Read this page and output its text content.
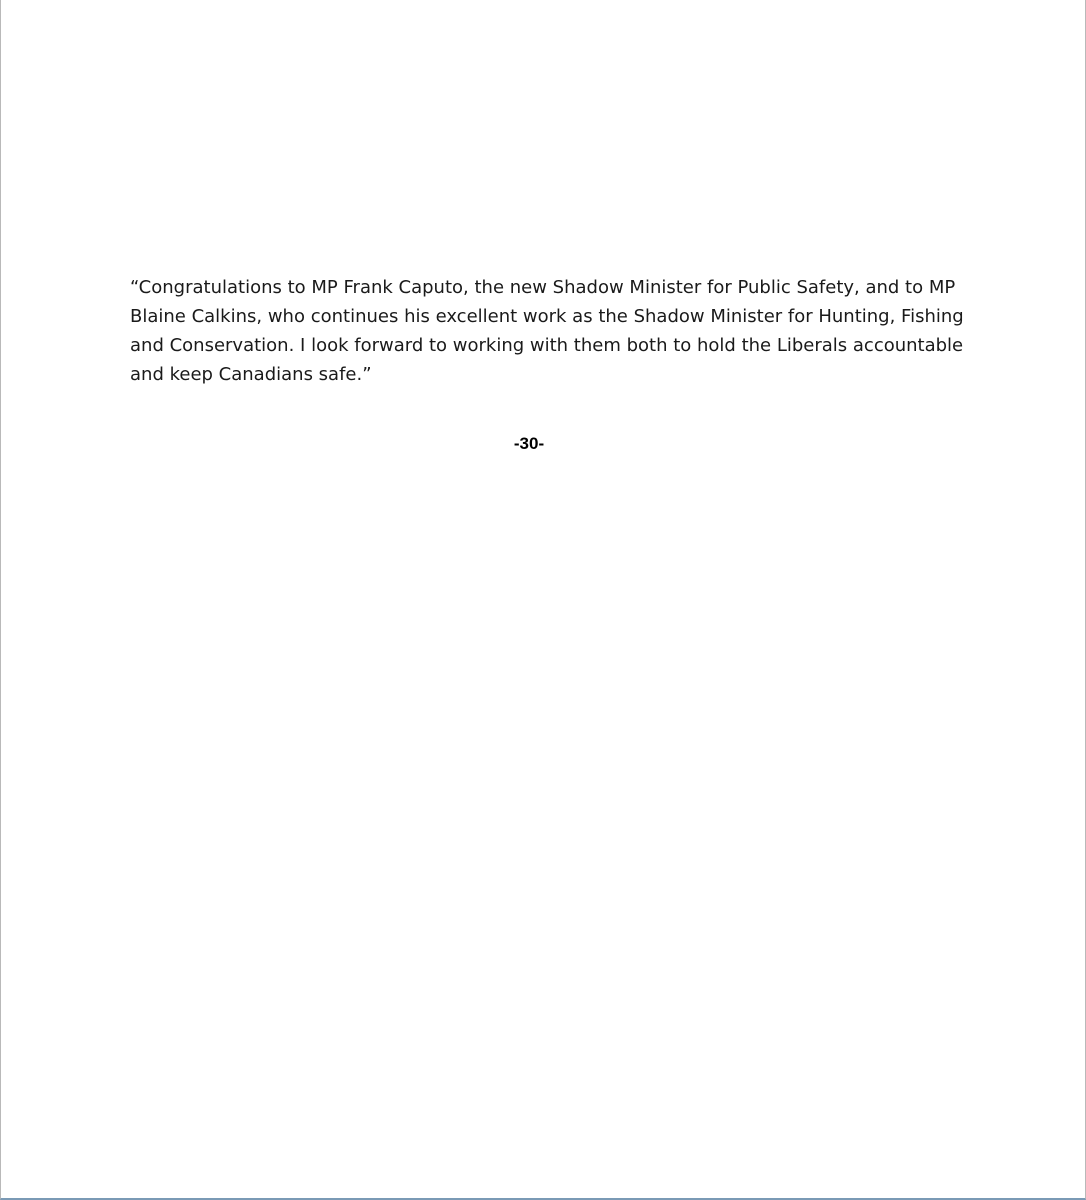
“Congratulations to MP Frank Caputo, the new Shadow Minister for Public Safety, and to MP
Blaine Calkins, who continues his excellent work as the Shadow Minister for Hunting, Fishing
and Conservation. I look forward to working with them both to hold the Liberals accountable
and keep Canadians safe.”

-30-
